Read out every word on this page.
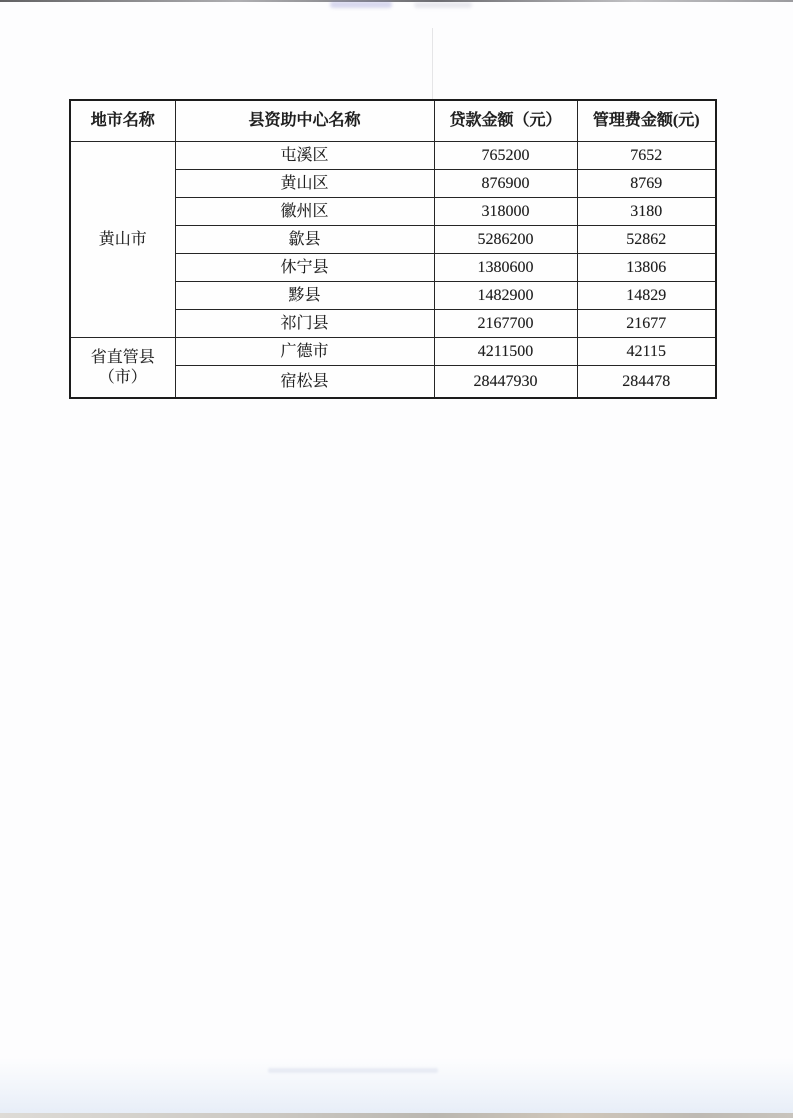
地市名称	县资助中心名称	贷款金额（元）	管理费金额(元)
黄山市	屯溪区	765200	7652
	黄山区	876900	8769
	徽州区	318000	3180
	歙县	5286200	52862
	休宁县	1380600	13806
	黟县	1482900	14829
	祁门县	2167700	21677
省直管县（市）	广德市	4211500	42115
	宿松县	28447930	284478
